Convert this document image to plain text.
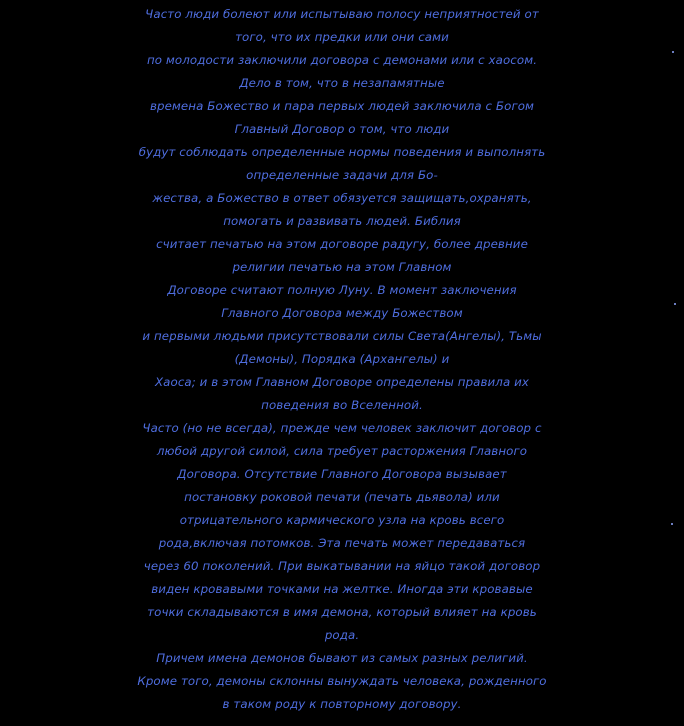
Часто люди болеют или испытываю полосу неприятностей от
того, что их предки или они сами
по молодости заключили договора с демонами или с хаосом.
Дело в том, что в незапамятные
времена Божество и пара первых людей заключила с Богом
Главный Договор о том, что люди
будут соблюдать определенные нормы поведения и выполнять
определенные задачи для Бо-
жества, а Божество в ответ обязуется защищать,охранять,
помогать и развивать людей. Библия
считает печатью на этом договоре радугу, более древние
религии печатью на этом Главном
Договоре считают полную Луну. В момент заключения
Главного Договора между Божеством
и первыми людьми присутствовали силы Света(Ангелы), Тьмы
(Демоны), Порядка (Архангелы) и
Хаоса; и в этом Главном Договоре определены правила их
поведения во Вселенной.
Часто (но не всегда), прежде чем человек заключит договор с
любой другой силой, сила требует расторжения Главного
Договора. Отсутствие Главного Договора вызывает
постановку роковой печати (печать дьявола) или
отрицательного кармического узла на кровь всего
рода,включая потомков. Эта печать может передаваться
через 60 поколений. При выкатывании на яйцо такой договор
виден кровавыми точками на желтке. Иногда эти кровавые
точки складываются в имя демона, который влияет на кровь
рода.
Причем имена демонов бывают из самых разных религий.
Кроме того, демоны склонны вынуждать человека, рожденного
в таком роду к повторному договору.
